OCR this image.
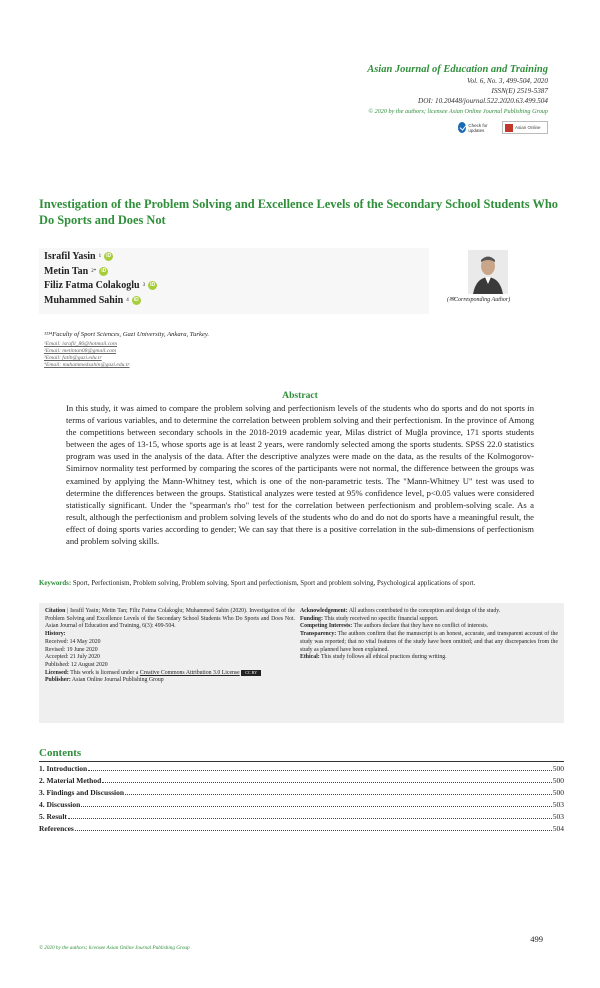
Asian Journal of Education and Training
Vol. 6, No. 3, 499-504, 2020
ISSN(E) 2519-5387
DOI: 10.20448/journal.522.2020.63.499.504
© 2020 by the authors; licensee Asian Online Journal Publishing Group
Check for updates	Asian Online
Investigation of the Problem Solving and Excellence Levels of the Secondary School Students Who Do Sports and Does Not
Israfil Yasin 1	iD
Metin Tan 2*	iD
Filiz Fatma Colakoglu 3	iD
Muhammed Sahin 4	iD	(✉Corresponding Author)
¹²³⁴Faculty of Sport Sciences, Gazi University, Ankara, Turkey.
¹Email: israfil_86@hotmail.com
²Email: metintan08@gmail.com
³Email: fatih@gazi.edu.tr
⁴Email: muhammedsahin@gazi.edu.tr
Abstract
In this study, it was aimed to compare the problem solving and perfectionism levels of the students who do sports and do not sports in terms of various variables, and to determine the correlation between problem solving and their perfectionism. In the province of Among the competitions between secondary schools in the 2018-2019 academic year, Milas district of Muğla province, 171 sports students between the ages of 13-15, whose sports age is at least 2 years, were randomly selected among the sports students. SPSS 22.0 statistics program was used in the analysis of the data. After the descriptive analyzes were made on the data, as the results of the Kolmogorov-Simirnov normality test performed by comparing the scores of the participants were not normal, the difference between the groups was examined by applying the Mann-Whitney test, which is one of the non-parametric tests. The "Mann-Whitney U" test was used to determine the differences between the groups. Statistical analyzes were tested at 95% confidence level, p<0.05 values were considered statistically significant. Under the "spearman's rho" test for the correlation between perfectionism and problem-solving scale. As a result, although the perfectionism and problem solving levels of the students who do and do not do sports have a meaningful result, the effect of doing sports varies according to gender; We can say that there is a positive correlation in the sub-dimensions of perfectionism and problem solving skills.
Keywords: Sport, Perfectionism, Problem solving, Problem solving, Sport and perfectionism, Sport and problem solving, Psychological applications of sport.

Citation | Israfil Yasin; Metin Tan; Filiz Fatma Colakoglu; Muhammed Sahin (2020). Investigation of the Problem Solving and Excellence Levels of the Secondary School Students Who Do Sports and Does Not. Asian Journal of Education and Training, 6(3): 499-504.

History:

Received: 14 May 2020

Revised: 19 June 2020

Accepted: 21 July 2020

Published: 12 August 2020

Licensed: This work is licensed under a Creative Commons Attribution 3.0 License CC BY

Publisher: Asian Online Journal Publishing Group

Acknowledgement: All authors contributed to the conception and design of the study.

Funding: This study received no specific financial support.

Competing Interests: The authors declare that they have no conflict of interests.

Transparency: The authors confirm that the manuscript is an honest, accurate, and transparent account of the study was reported; that no vital features of the study have been omitted; and that any discrepancies from the study as planned have been explained.

Ethical: This study follows all ethical practices during writing.

Contents
1. Introduction	500
2. Material Method	500
3. Findings and Discussion	500
4. Discussion	503
5. Result	503
References	504
499
© 2020 by the authors; licensee Asian Online Journal Publishing Group
